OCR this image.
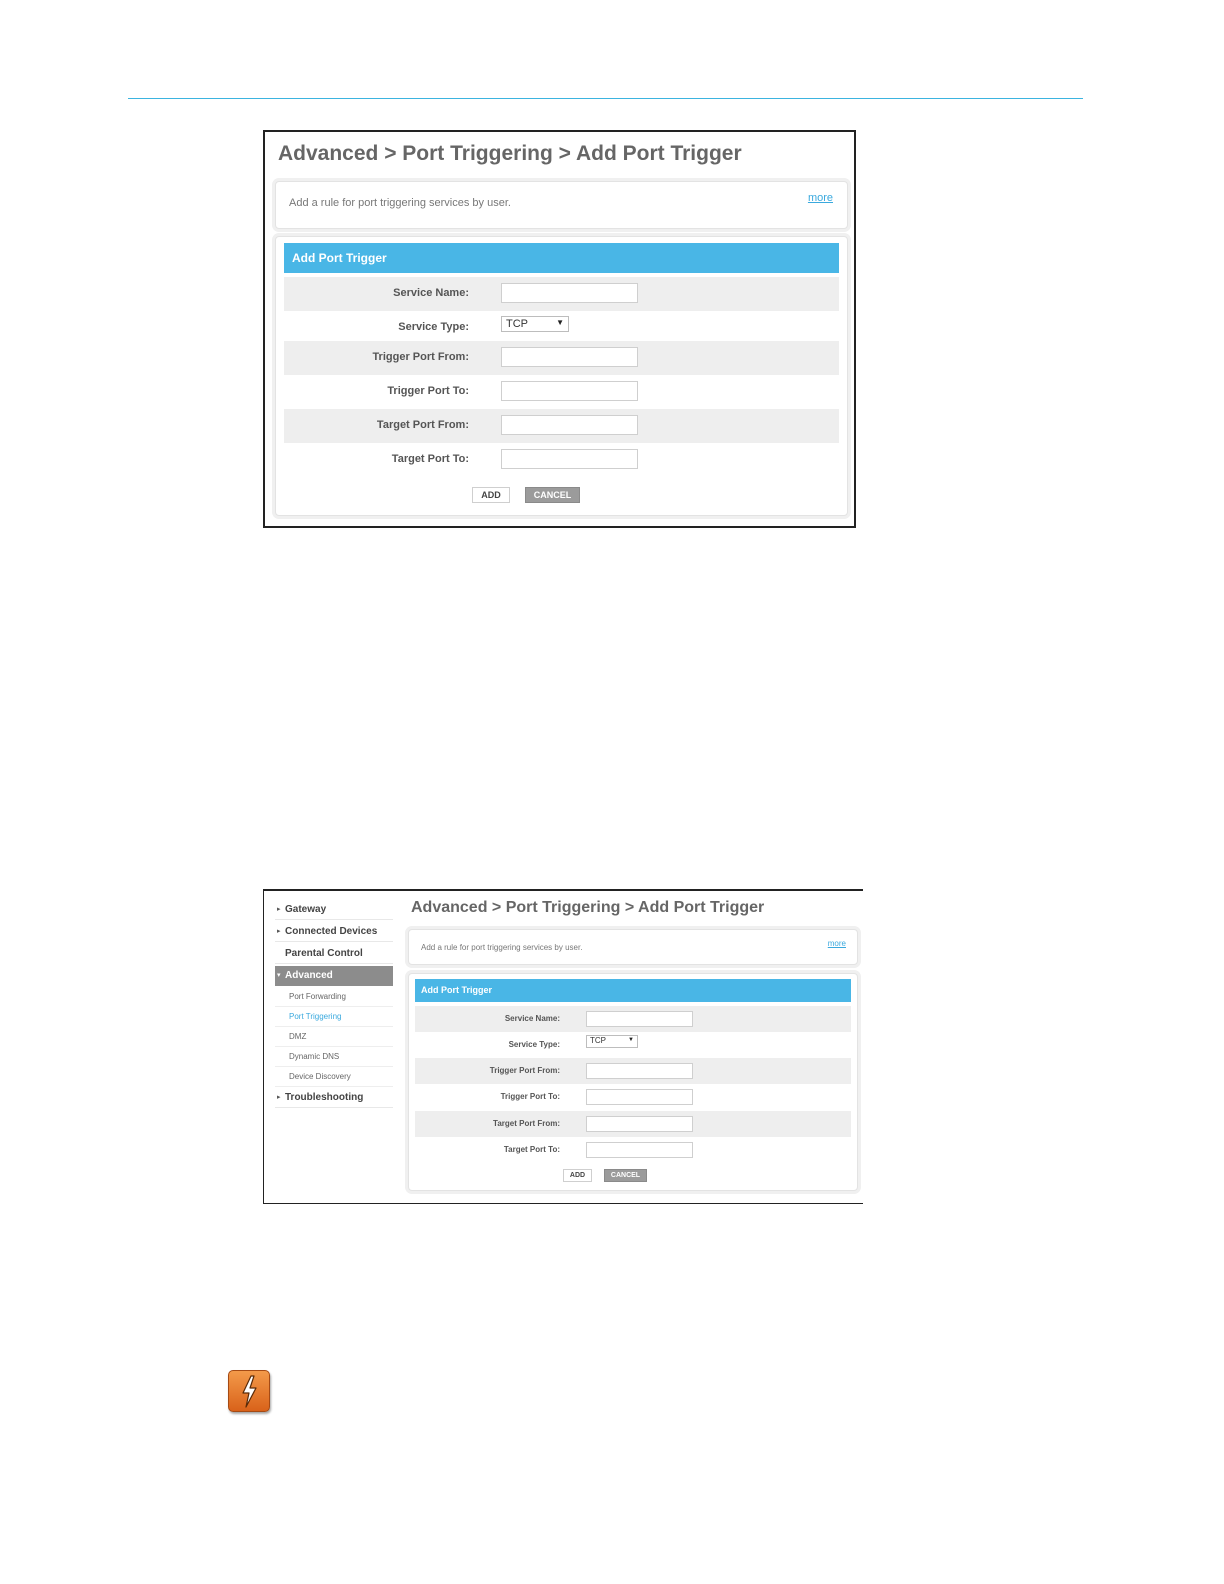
Advanced > Port Triggering > Add Port Trigger
Add a rule for port triggering services by user.	more
Add Port Trigger
Service Name:
Service Type:	TCP	▼
Trigger Port From:
Trigger Port To:
Target Port From:
Target Port To:
ADD	CANCEL
▸ Gateway
▸ Connected Devices
Parental Control
▾ Advanced
Port Forwarding
Port Triggering
DMZ
Dynamic DNS
Device Discovery
▸ Troubleshooting
Advanced > Port Triggering > Add Port Trigger
Add a rule for port triggering services by user.	more
Add Port Trigger
Service Name:
Service Type:	TCP	▼
Trigger Port From:
Trigger Port To:
Target Port From:
Target Port To:
ADD	CANCEL
